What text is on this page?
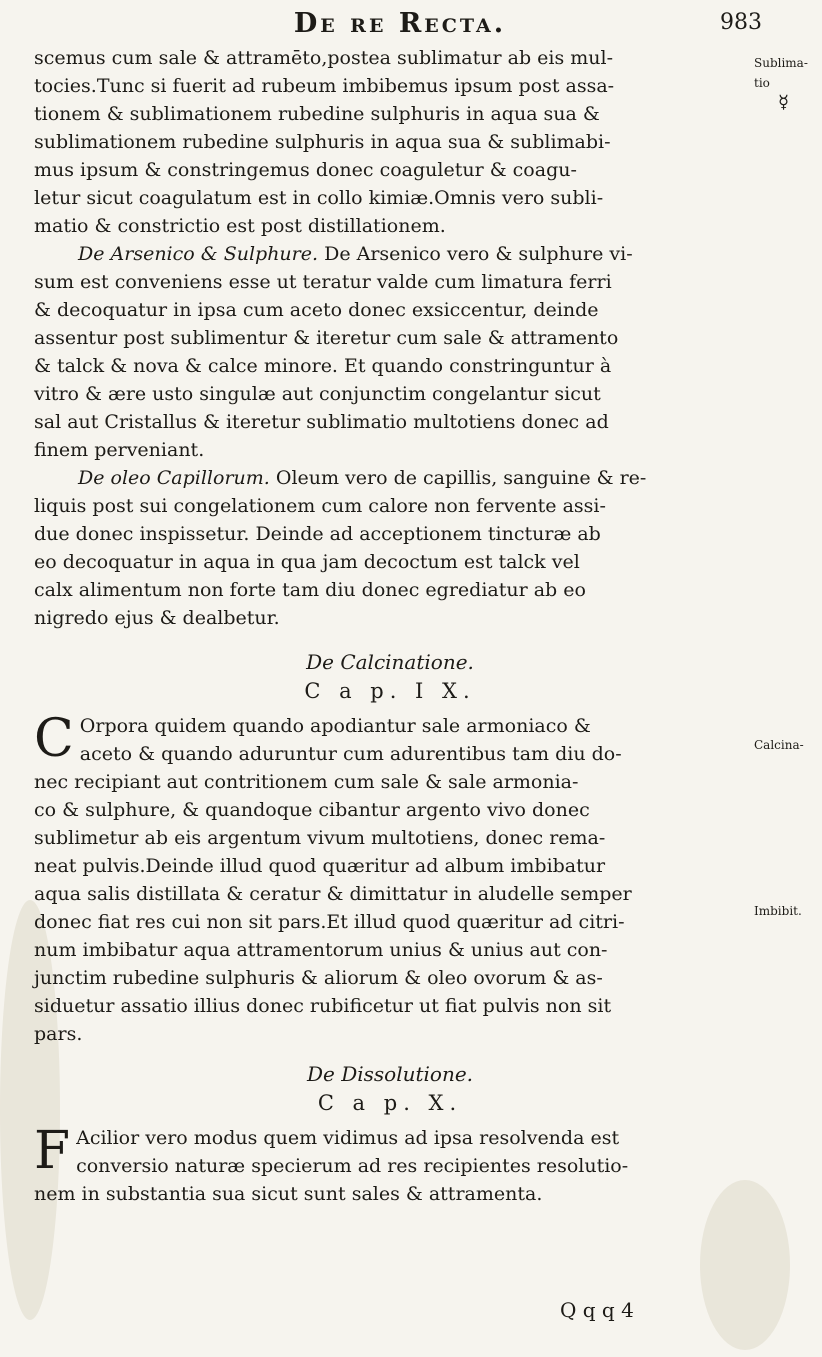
De re Recta.	983
scemus cum sale & attramēto,postea sublimatur ab eis mul-
tocies.Tunc si fuerit ad rubeum imbibemus ipsum post assa-
tionem & sublimationem rubedine sulphuris in aqua sua &
sublimationem rubedine sulphuris in aqua sua & sublimabi-
mus ipsum & constringemus donec coaguletur & coagu-
letur sicut coagulatum est in collo kimiæ.Omnis vero subli-
matio & constrictio est post distillationem.
De Arsenico & Sulphure. De Arsenico vero & sulphure vi-
sum est conveniens esse ut teratur valde cum limatura ferri
& decoquatur in ipsa cum aceto donec exsiccentur, deinde
assentur post sublimentur & iteretur cum sale & attramento
& talck & nova & calce minore. Et quando constringuntur à
vitro & ære usto singulæ aut conjunctim congelantur sicut
sal aut Cristallus & iteretur sublimatio multotiens donec ad
finem perveniant.
De oleo Capillorum. Oleum vero de capillis, sanguine & re-
liquis post sui congelationem cum calore non fervente assi-
due donec inspissetur. Deinde ad acceptionem tincturæ ab
eo decoquatur in aqua in qua jam decoctum est talck vel
calx alimentum non forte tam diu donec egrediatur ab eo
nigredo ejus & dealbetur.
De Calcinatione.
C a p. I X.
C Orpora quidem quando apodiantur sale armoniaco &
aceto & quando aduruntur cum adurentibus tam diu do-
nec recipiant aut contritionem cum sale & sale armonia-
co & sulphure, & quandoque cibantur argento vivo donec
sublimetur ab eis argentum vivum multotiens, donec rema-
neat pulvis.Deinde illud quod quæritur ad album imbibatur
aqua salis distillata & ceratur & dimittatur in aludelle semper
donec fiat res cui non sit pars.Et illud quod quæritur ad citri-
num imbibatur aqua attramentorum unius & unius aut con-
junctim rubedine sulphuris & aliorum & oleo ovorum & as-
siduetur assatio illius donec rubificetur ut fiat pulvis non sit
pars.
De Dissolutione.
C a p. X.
F Acilior vero modus quem vidimus ad ipsa resolvenda est
conversio naturæ specierum ad res recipientes resolutio-
nem in substantia sua sicut sunt sales & attramenta.
Q q q 4
Sublima-
tio
☿
Calcina-
Imbibit.
